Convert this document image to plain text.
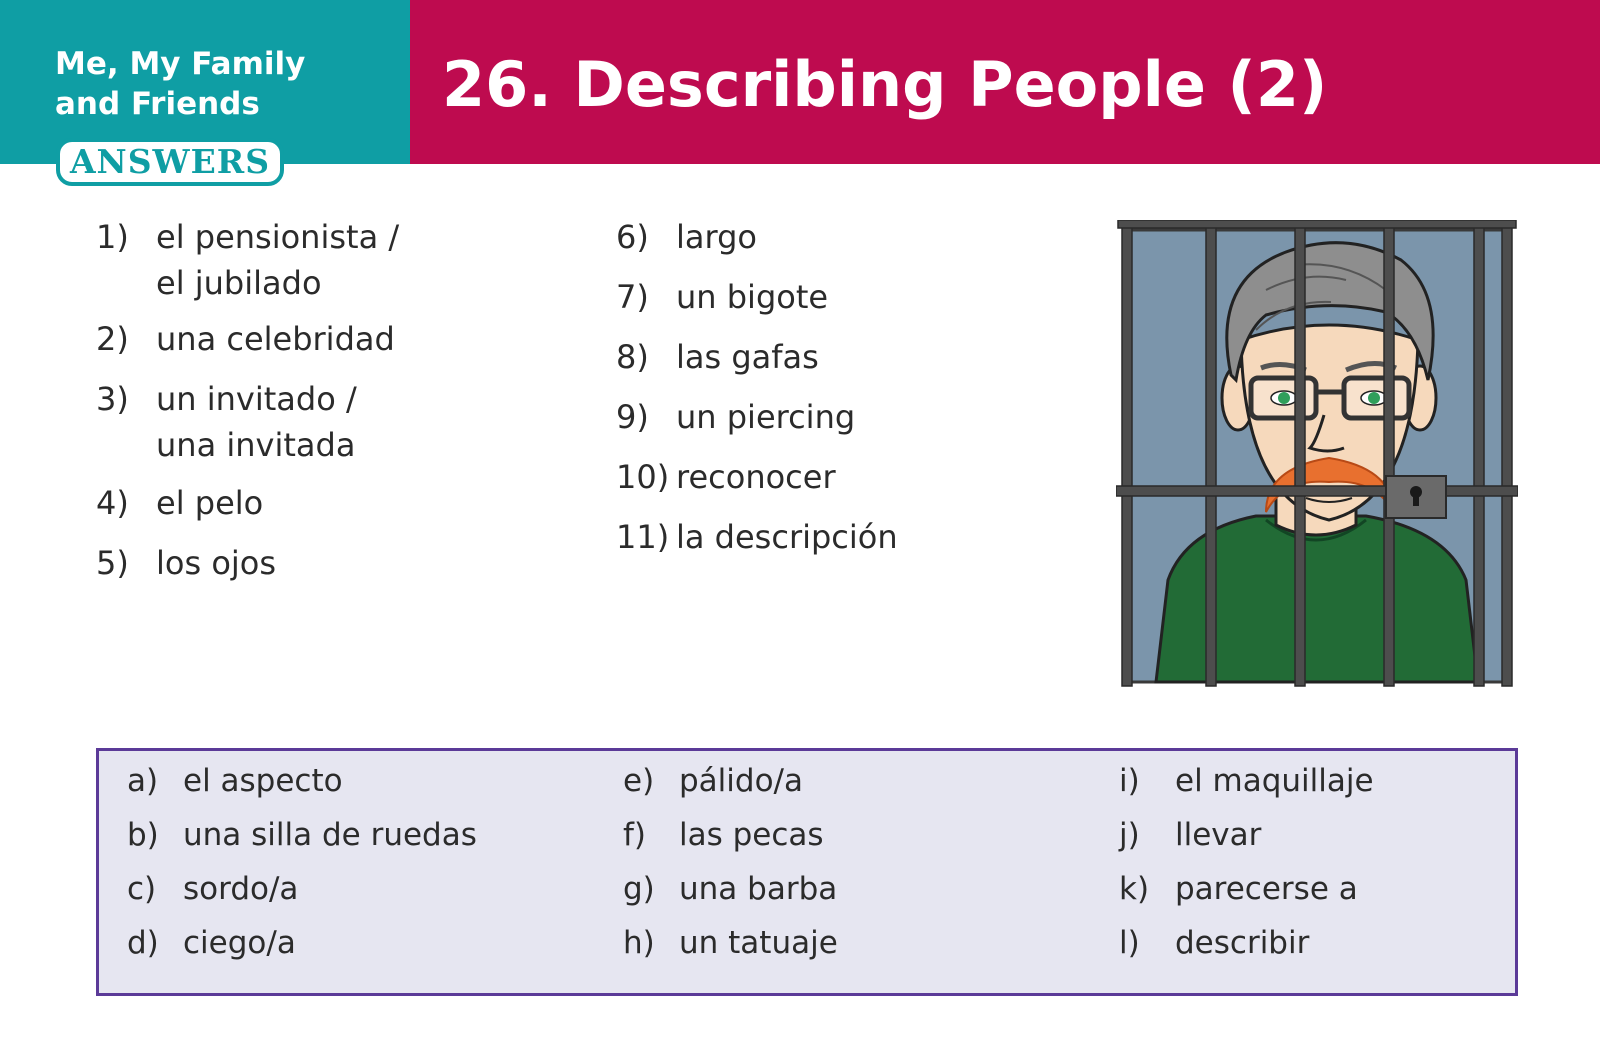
Me, My Family
and Friends
ANSWERS
26. Describing People (2)
1) el pensionista /
el jubilado
2) una celebridad
3) un invitado /
una invitada
4) el pelo
5) los ojos
6) largo
7) un bigote
8) las gafas
9) un piercing
10) reconocer
11) la descripción
a) el aspecto
b) una silla de ruedas
c) sordo/a
d) ciego/a
e) pálido/a
f) las pecas
g) una barba
h) un tatuaje
i) el maquillaje
j) llevar
k) parecerse a
l) describir
